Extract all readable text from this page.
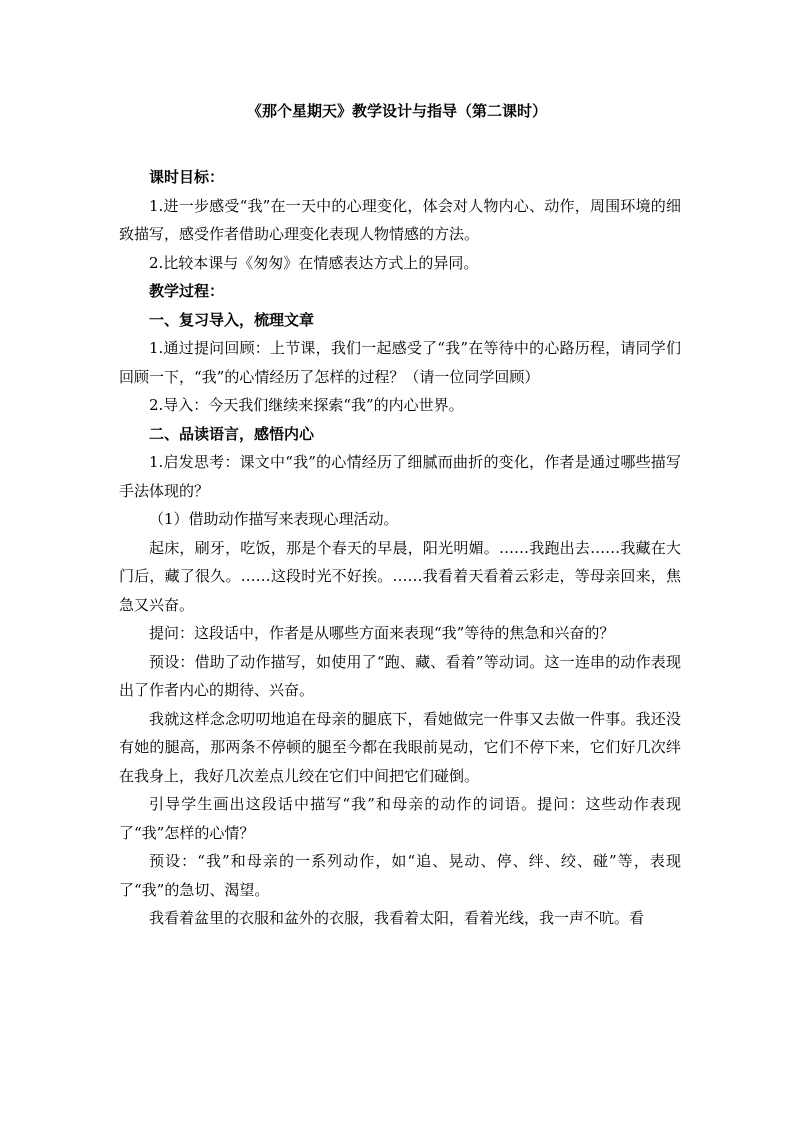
《那个星期天》教学设计与指导（第二课时）

课时目标：

1.进一步感受“我”在一天中的心理变化，体会对人物内心、动作，周围环境的细致描写，感受作者借助心理变化表现人物情感的方法。

2.比较本课与《匆匆》在情感表达方式上的异同。

教学过程：

一、复习导入，梳理文章

1.通过提问回顾：上节课，我们一起感受了“我”在等待中的心路历程，请同学们回顾一下，“我”的心情经历了怎样的过程？（请一位同学回顾）

2.导入：今天我们继续来探索“我”的内心世界。

二、品读语言，感悟内心

1.启发思考：课文中“我”的心情经历了细腻而曲折的变化，作者是通过哪些描写手法体现的？

（1）借助动作描写来表现心理活动。

起床，刷牙，吃饭，那是个春天的早晨，阳光明媚。……我跑出去……我藏在大门后，藏了很久。……这段时光不好挨。……我看着天看着云彩走，等母亲回来，焦急又兴奋。

提问：这段话中，作者是从哪些方面来表现“我”等待的焦急和兴奋的？

预设：借助了动作描写，如使用了“跑、藏、看着”等动词。这一连串的动作表现出了作者内心的期待、兴奋。

我就这样念念叨叨地追在母亲的腿底下，看她做完一件事又去做一件事。我还没有她的腿高，那两条不停顿的腿至今都在我眼前晃动，它们不停下来，它们好几次绊在我身上，我好几次差点儿绞在它们中间把它们碰倒。

引导学生画出这段话中描写“我”和母亲的动作的词语。提问：这些动作表现了“我”怎样的心情？

预设：“我”和母亲的一系列动作，如“追、晃动、停、绊、绞、碰”等，表现了“我”的急切、渴望。

我看着盆里的衣服和盆外的衣服，我看着太阳，看着光线，我一声不吭。看
